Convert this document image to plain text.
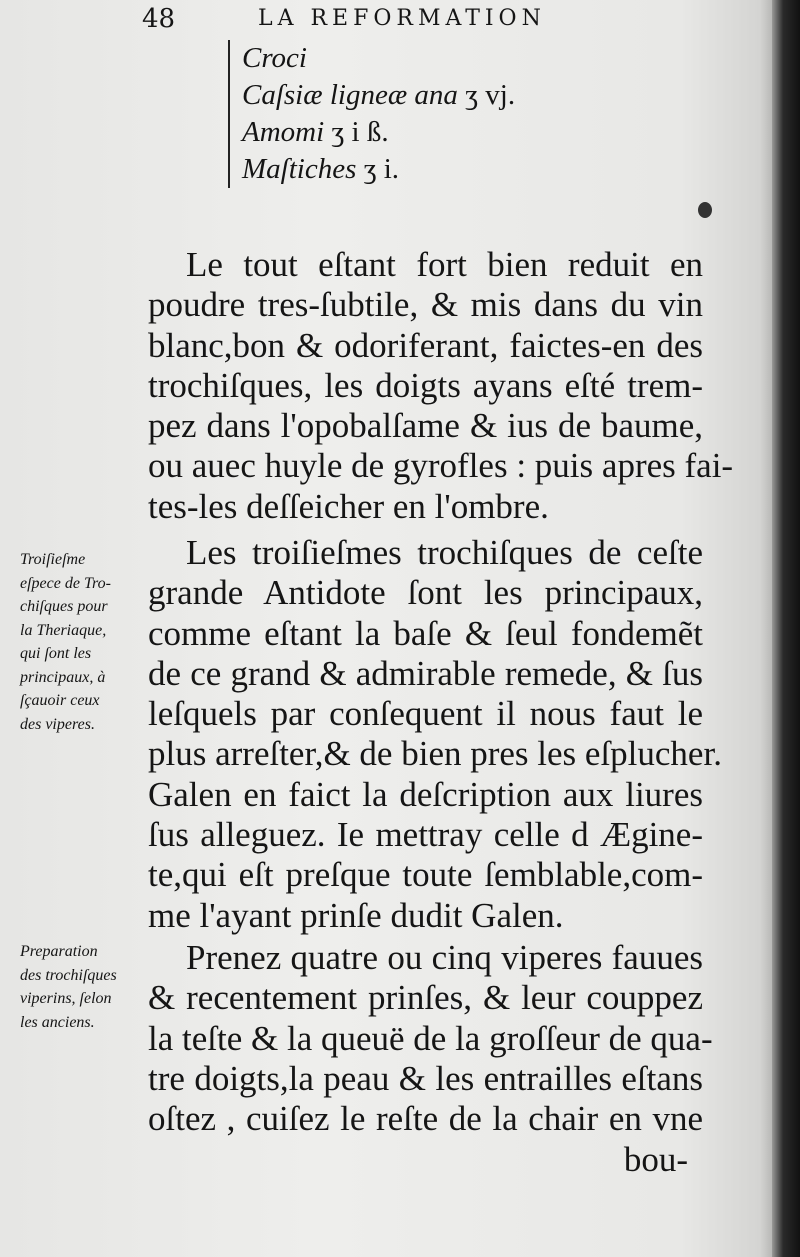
48	LA REFORMATION
Croci
Caſsiæ ligneæ ana ʒ vj.
Amomi ʒ i ß.
Maſtiches ʒ i.
Le tout eſtant fort bien reduit en
poudre tres-ſubtile, & mis dans du vin
blanc,bon & odoriferant, faictes-en des
trochiſques, les doigts ayans eſté trem-
pez dans l'opobalſame & ius de baume,
ou auec huyle de gyrofles : puis apres fai-
tes-les deſſeicher en l'ombre.
Troiſieſme
eſpece de Tro-
chiſques pour
la Theriaque,
qui ſont les
principaux, à
ſçauoir ceux
des viperes.
Les troiſieſmes trochiſques de ceſte
grande Antidote ſont les principaux,
comme eſtant la baſe & ſeul fondemẽt
de ce grand & admirable remede, & ſus
leſquels par conſequent il nous faut le
plus arreſter,& de bien pres les eſplucher.
Galen en faict la deſcription aux liures
ſus alleguez. Ie mettray celle d Ægine-
te,qui eſt preſque toute ſemblable,com-
me l'ayant prinſe dudit Galen.
Preparation
des trochiſques
viperins, ſelon
les anciens.
Prenez quatre ou cinq viperes fauues
& recentement prinſes, & leur couppez
la teſte & la queuë de la groſſeur de qua-
tre doigts,la peau & les entrailles eſtans
oſtez , cuiſez le reſte de la chair en vne
bou-
